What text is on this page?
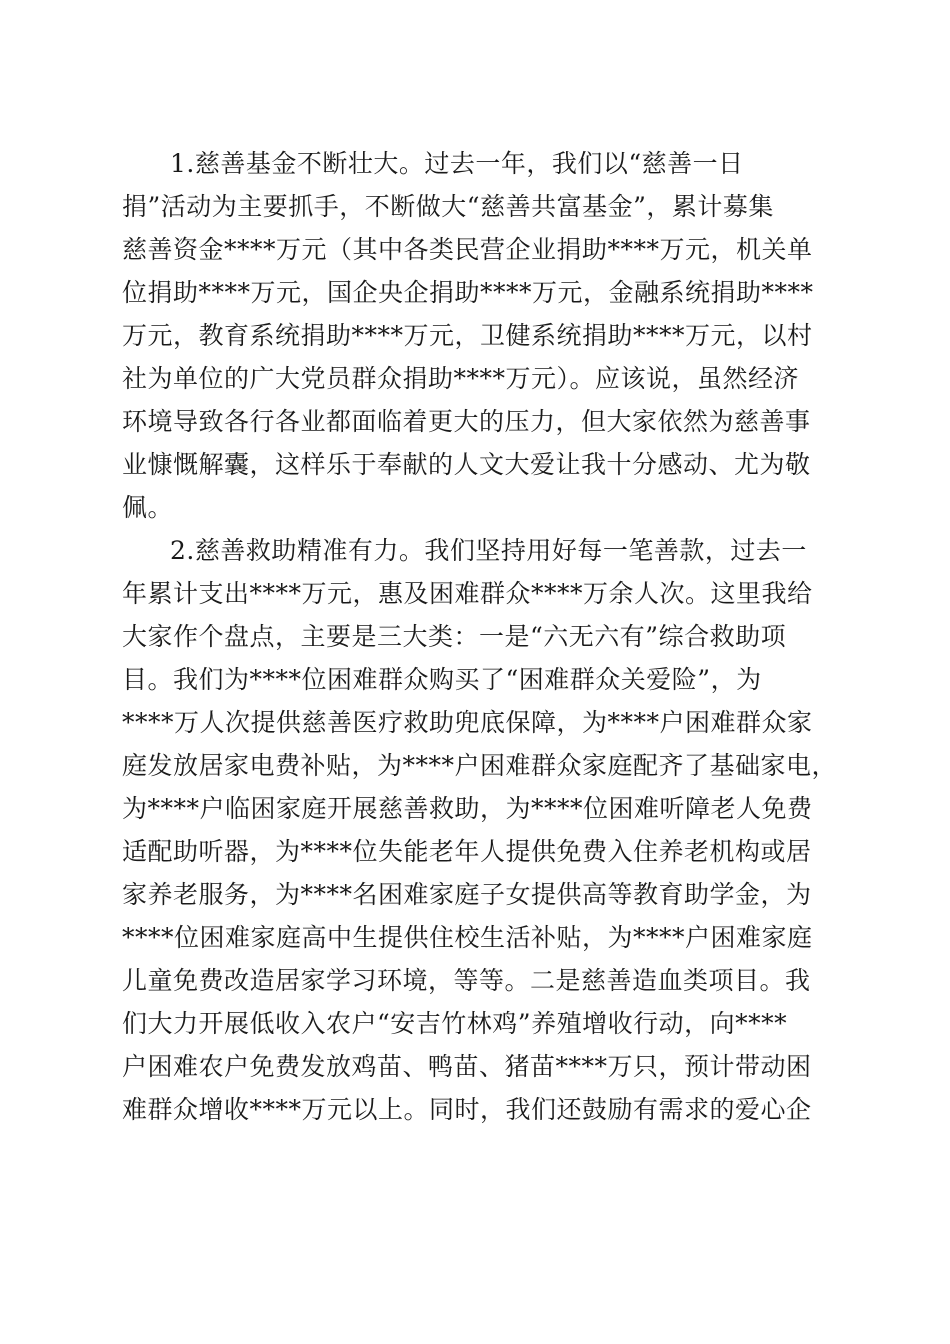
1.慈善基金不断壮大。过去一年，我们以“慈善一日
捐”活动为主要抓手，不断做大“慈善共富基金”，累计募集
慈善资金****万元（其中各类民营企业捐助****万元，机关单
位捐助****万元，国企央企捐助****万元，金融系统捐助****
万元，教育系统捐助****万元，卫健系统捐助****万元，以村
社为单位的广大党员群众捐助****万元）。应该说，虽然经济
环境导致各行各业都面临着更大的压力，但大家依然为慈善事
业慷慨解囊，这样乐于奉献的人文大爱让我十分感动、尤为敬
佩。
2.慈善救助精准有力。我们坚持用好每一笔善款，过去一
年累计支出****万元，惠及困难群众****万余人次。这里我给
大家作个盘点，主要是三大类：一是“六无六有”综合救助项
目。我们为****位困难群众购买了“困难群众关爱险”，为
****万人次提供慈善医疗救助兜底保障，为****户困难群众家
庭发放居家电费补贴，为****户困难群众家庭配齐了基础家电，
为****户临困家庭开展慈善救助，为****位困难听障老人免费
适配助听器，为****位失能老年人提供免费入住养老机构或居
家养老服务，为****名困难家庭子女提供高等教育助学金，为
****位困难家庭高中生提供住校生活补贴，为****户困难家庭
儿童免费改造居家学习环境，等等。二是慈善造血类项目。我
们大力开展低收入农户“安吉竹林鸡”养殖增收行动，向****
户困难农户免费发放鸡苗、鸭苗、猪苗****万只，预计带动困
难群众增收****万元以上。同时，我们还鼓励有需求的爱心企
